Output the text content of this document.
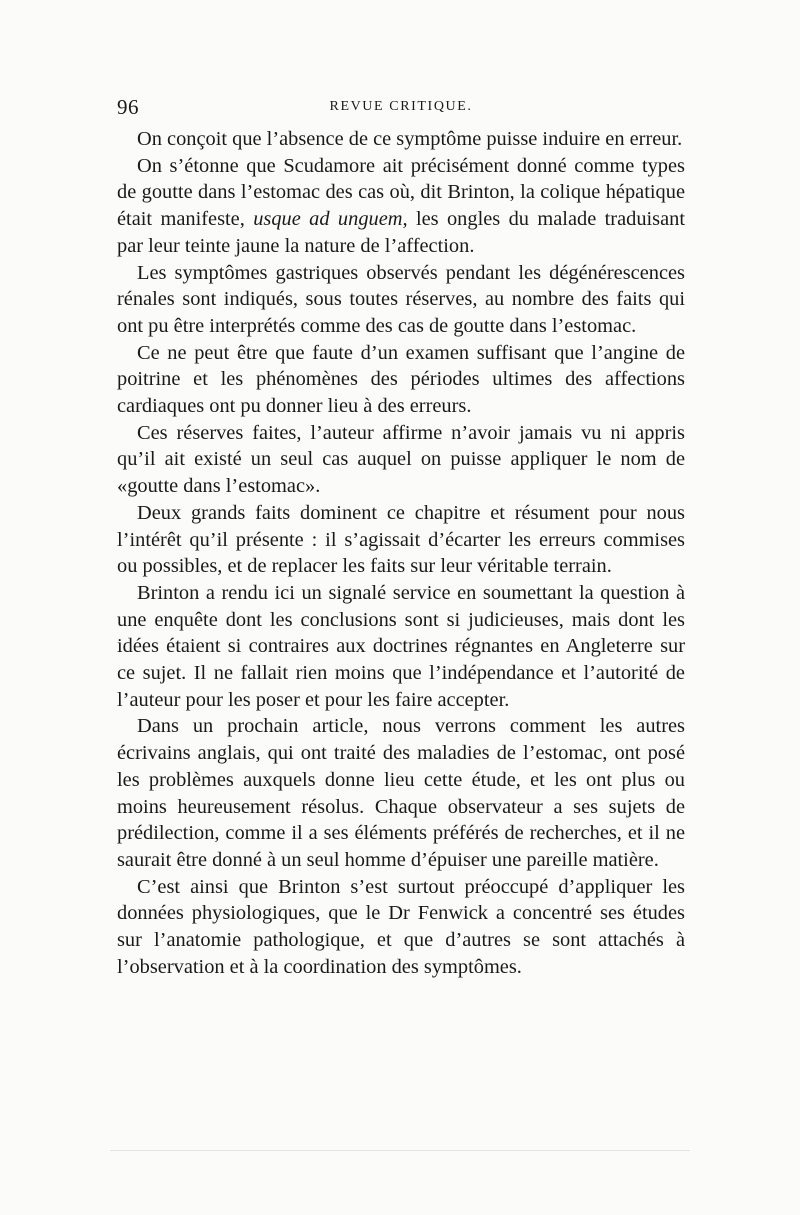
96	REVUE CRITIQUE.

On conçoit que l’absence de ce symptôme puisse induire en erreur.

On s’étonne que Scudamore ait précisément donné comme types de goutte dans l’estomac des cas où, dit Brinton, la colique hépatique était manifeste, usque ad unguem, les ongles du malade traduisant par leur teinte jaune la nature de l’affection.

Les symptômes gastriques observés pendant les dégénérescences rénales sont indiqués, sous toutes réserves, au nombre des faits qui ont pu être interprétés comme des cas de goutte dans l’estomac.

Ce ne peut être que faute d’un examen suffisant que l’angine de poitrine et les phénomènes des périodes ultimes des affections cardiaques ont pu donner lieu à des erreurs.

Ces réserves faites, l’auteur affirme n’avoir jamais vu ni appris qu’il ait existé un seul cas auquel on puisse appliquer le nom de «goutte dans l’estomac».

Deux grands faits dominent ce chapitre et résument pour nous l’intérêt qu’il présente : il s’agissait d’écarter les erreurs commises ou possibles, et de replacer les faits sur leur véritable terrain.

Brinton a rendu ici un signalé service en soumettant la question à une enquête dont les conclusions sont si judicieuses, mais dont les idées étaient si contraires aux doctrines régnantes en Angleterre sur ce sujet. Il ne fallait rien moins que l’indépendance et l’autorité de l’auteur pour les poser et pour les faire accepter.

Dans un prochain article, nous verrons comment les autres écrivains anglais, qui ont traité des maladies de l’estomac, ont posé les problèmes auxquels donne lieu cette étude, et les ont plus ou moins heureusement résolus. Chaque observateur a ses sujets de prédilection, comme il a ses éléments préférés de recherches, et il ne saurait être donné à un seul homme d’épuiser une pareille matière.

C’est ainsi que Brinton s’est surtout préoccupé d’appliquer les données physiologiques, que le Dr Fenwick a concentré ses études sur l’anatomie pathologique, et que d’autres se sont attachés à l’observation et à la coordination des symptômes.
